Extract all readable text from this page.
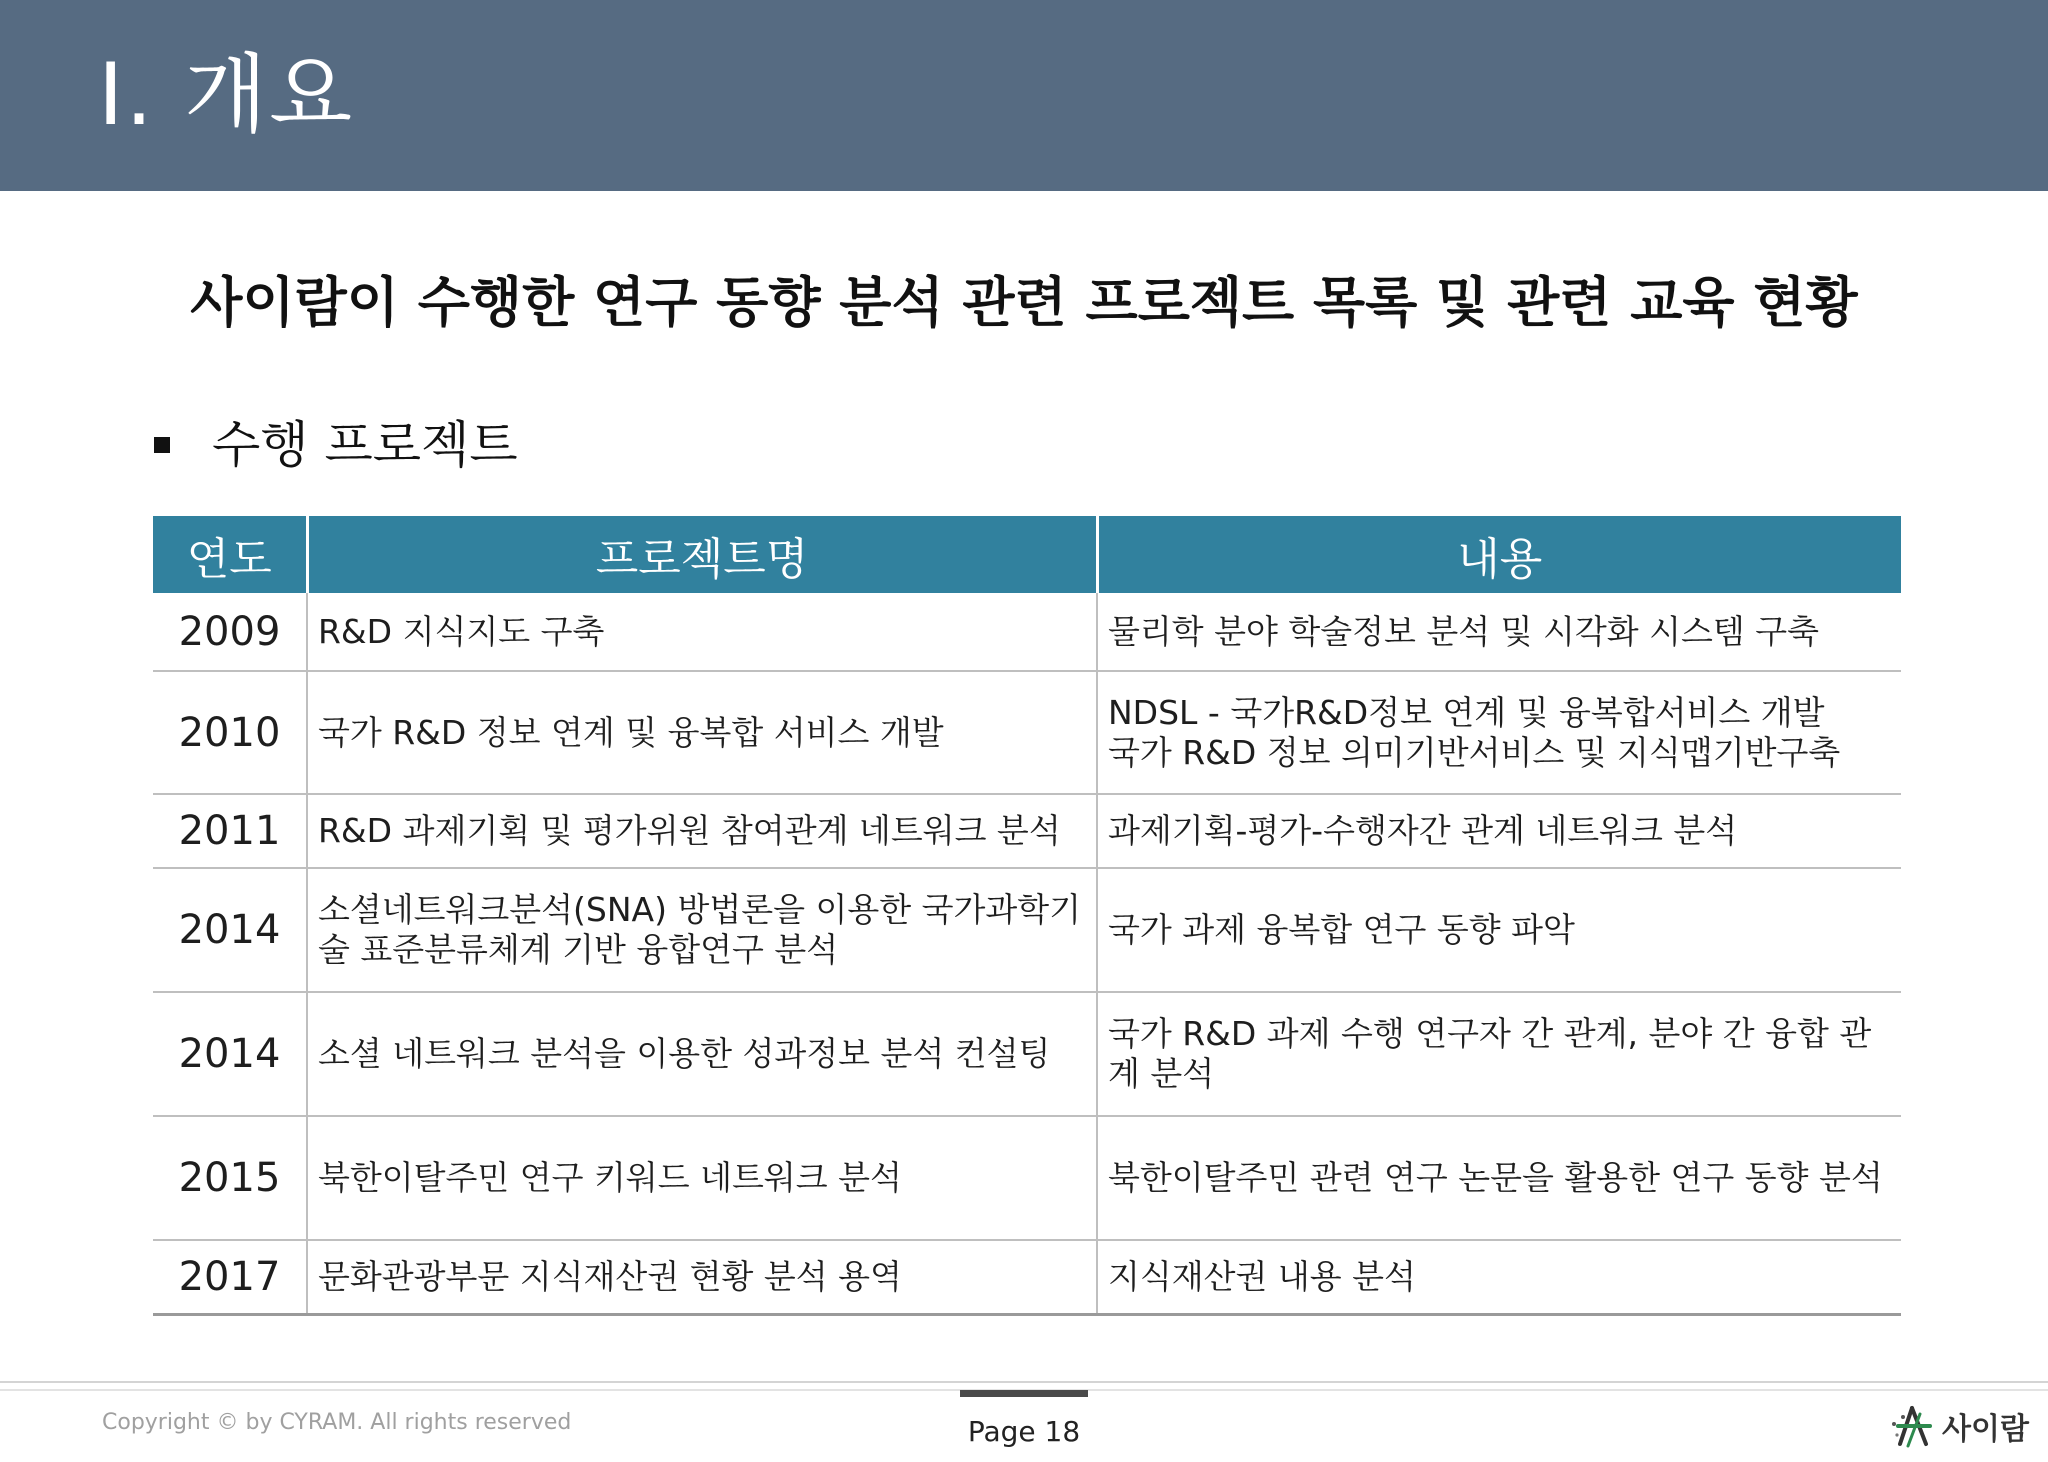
Ⅰ. 개요
사이람이 수행한 연구 동향 분석 관련 프로젝트 목록 및 관련 교육 현황
수행 프로젝트
연도	프로젝트명	내용
2009	R&D 지식지도 구축	물리학 분야 학술정보 분석 및 시각화 시스템 구축

2010	국가 R&D 정보 연계 및 융복합 서비스 개발	NDSL - 국가R&D정보 연계 및 융복합서비스 개발
국가 R&D 정보 의미기반서비스 및 지식맵기반구축

2011	R&D 과제기획 및 평가위원 참여관계 네트워크 분석	과제기획-평가-수행자간 관계 네트워크 분석

2014	소셜네트워크분석(SNA) 방법론을 이용한 국가과학기술 표준분류체계 기반 융합연구 분석	국가 과제 융복합 연구 동향 파악

2014	소셜 네트워크 분석을 이용한 성과정보 분석 컨설팅	국가 R&D 과제 수행 연구자 간 관계, 분야 간 융합 관계 분석

2015	북한이탈주민 연구 키워드 네트워크 분석	북한이탈주민 관련 연구 논문을 활용한 연구 동향 분석

2017	문화관광부문 지식재산권 현황 분석 용역	지식재산권 내용 분석
Copyright © by CYRAM. All rights reserved	Page 18	사이람
